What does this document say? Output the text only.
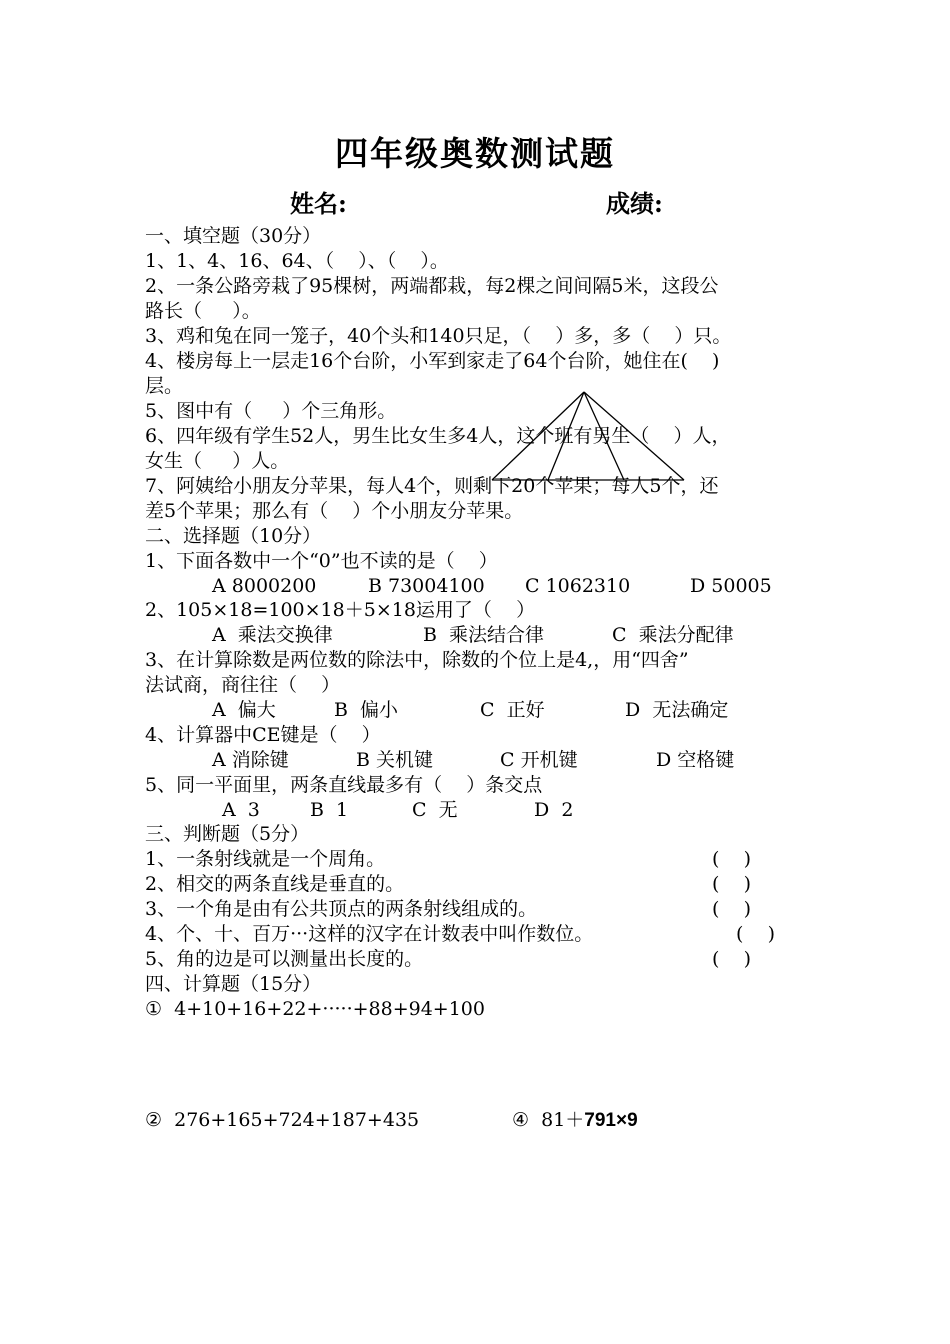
四年级奥数测试题
姓名:	成绩:
一、填空题（30分）
1、1、4、16、64、（    ）、（    ）。
2、一条公路旁栽了95棵树，两端都栽，每2棵之间间隔5米，这段公
路长（     ）。
3、鸡和兔在同一笼子，40个头和140只足，（    ）多，多（    ）只。
4、楼房每上一层走16个台阶，小军到家走了64个台阶，她住在(    )
层。
5、图中有（     ）个三角形。
6、四年级有学生52人，男生比女生多4人，这个班有男生（    ）人，
女生（     ）人。
7、阿姨给小朋友分苹果，每人4个，则剩下20个苹果；每人5个，还
差5个苹果；那么有（    ）个小朋友分苹果。
二、选择题（10分）
1、下面各数中一个“0”也不读的是（    ）
A 8000200	B 73004100 C 1062310	D 50005
2、105×18=100×18＋5×18运用了（    ）
A  乘法交换律	B  乘法结合律	C  乘法分配律
3、在计算除数是两位数的除法中，除数的个位上是4,，用“四舍”
法试商，商往往（    ）
A  偏大	B  偏小	C  正好	D  无法确定
4、计算器中CE键是（    ）
A 消除键	B 关机键	C 开机键	D 空格键
5、同一平面里，两条直线最多有（    ）条交点
A  3	B  1	C  无	D  2
三、判断题（5分）
1、一条射线就是一个周角。	(    )
2、相交的两条直线是垂直的。	(    )
3、一个角是由有公共顶点的两条射线组成的。	(    )
4、个、十、百万···这样的汉字在计数表中叫作数位。	(    )
5、角的边是可以测量出长度的。	(    )
四、计算题（15分）
①  4+10+16+22+·····+88+94+100
②  276+165+724+187+435	④  81＋791×9
